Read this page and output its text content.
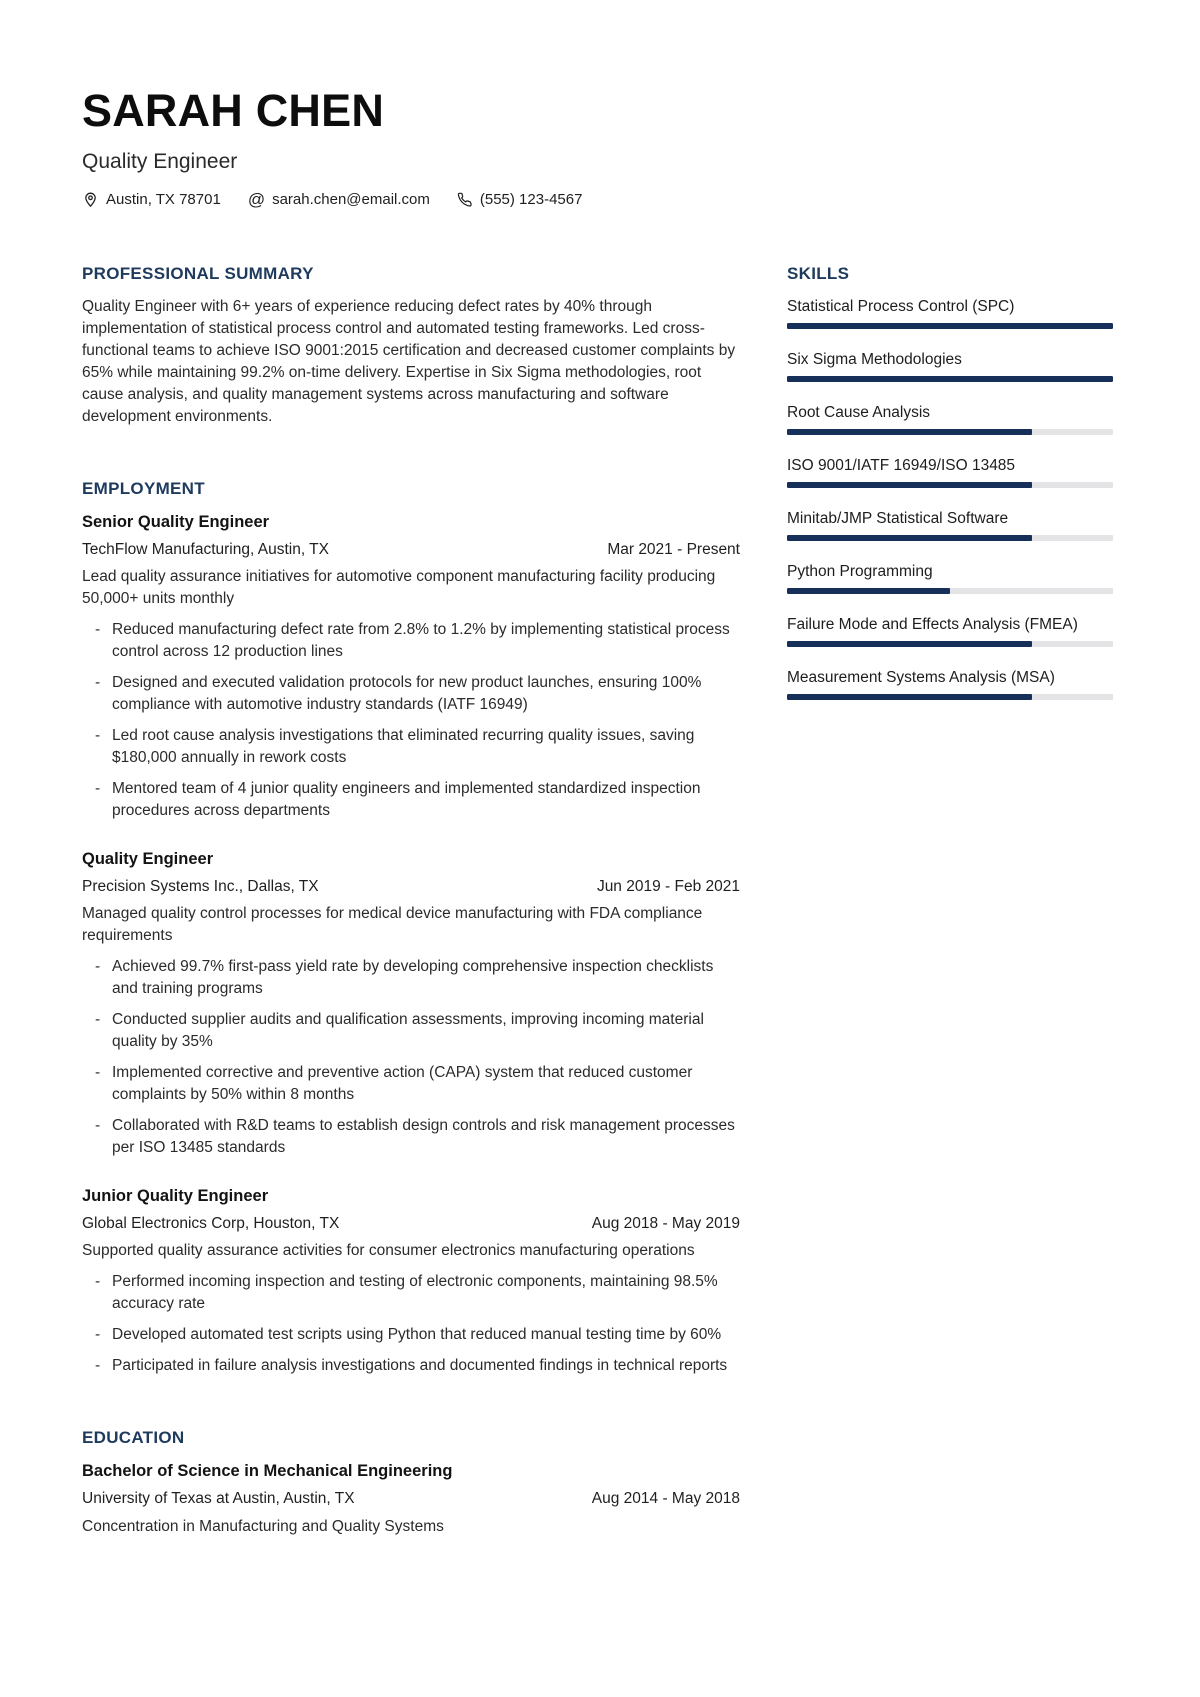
SARAH CHEN
Quality Engineer
Austin, TX 78701 @ sarah.chen@email.com	(555) 123-4567
PROFESSIONAL SUMMARY

Quality Engineer with 6+ years of experience reducing defect rates by 40% through implementation of statistical process control and automated testing frameworks. Led cross-functional teams to achieve ISO 9001:2015 certification and decreased customer complaints by 65% while maintaining 99.2% on-time delivery. Expertise in Six Sigma methodologies, root cause analysis, and quality management systems across manufacturing and software development environments.

EMPLOYMENT
Senior Quality Engineer
TechFlow Manufacturing, Austin, TX	Mar 2021 - Present

Lead quality assurance initiatives for automotive component manufacturing facility producing 50,000+ units monthly

- Reduced manufacturing defect rate from 2.8% to 1.2% by implementing statistical process control across 12 production lines
- Designed and executed validation protocols for new product launches, ensuring 100% compliance with automotive industry standards (IATF 16949)
- Led root cause analysis investigations that eliminated recurring quality issues, saving $180,000 annually in rework costs
- Mentored team of 4 junior quality engineers and implemented standardized inspection procedures across departments
Quality Engineer
Precision Systems Inc., Dallas, TX	Jun 2019 - Feb 2021

Managed quality control processes for medical device manufacturing with FDA compliance requirements

- Achieved 99.7% first-pass yield rate by developing comprehensive inspection checklists and training programs
- Conducted supplier audits and qualification assessments, improving incoming material quality by 35%
- Implemented corrective and preventive action (CAPA) system that reduced customer complaints by 50% within 8 months
- Collaborated with R&D teams to establish design controls and risk management processes per ISO 13485 standards
Junior Quality Engineer
Global Electronics Corp, Houston, TX	Aug 2018 - May 2019

Supported quality assurance activities for consumer electronics manufacturing operations

- Performed incoming inspection and testing of electronic components, maintaining 98.5% accuracy rate
- Developed automated test scripts using Python that reduced manual testing time by 60%
- Participated in failure analysis investigations and documented findings in technical reports
EDUCATION
Bachelor of Science in Mechanical Engineering
University of Texas at Austin, Austin, TX	Aug 2014 - May 2018

Concentration in Manufacturing and Quality Systems

SKILLS
Statistical Process Control (SPC)
Six Sigma Methodologies
Root Cause Analysis
ISO 9001/IATF 16949/ISO 13485
Minitab/JMP Statistical Software
Python Programming
Failure Mode and Effects Analysis (FMEA)
Measurement Systems Analysis (MSA)
